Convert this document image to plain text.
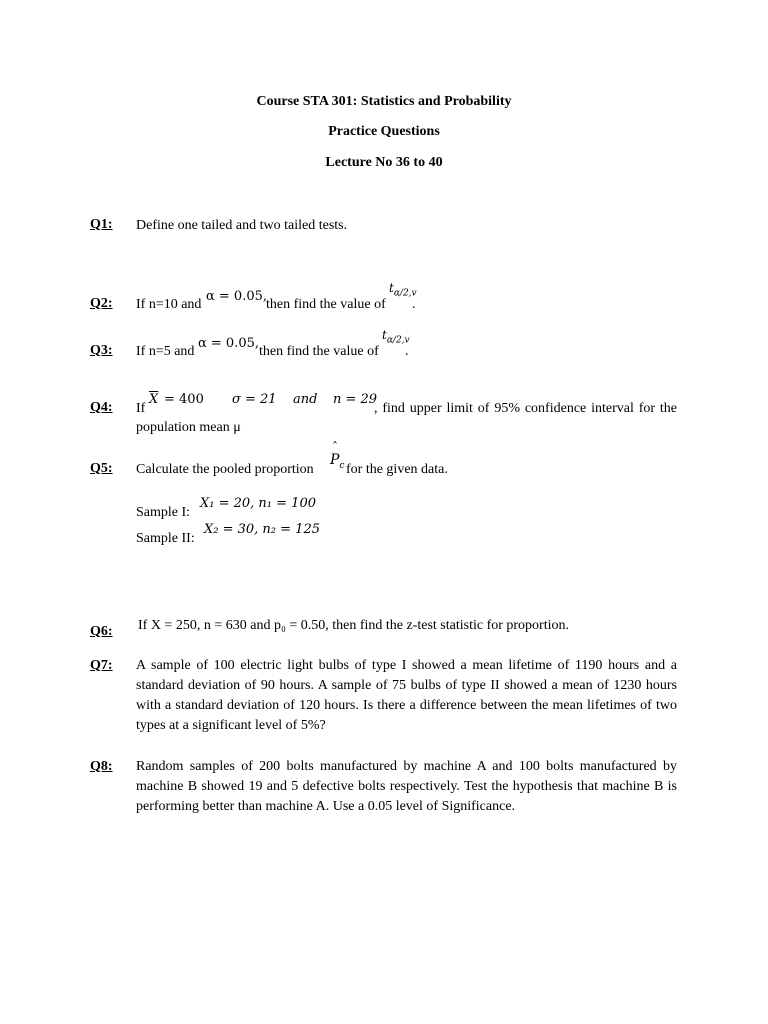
Course STA 301: Statistics and Probability
Practice Questions
Lecture No 36 to 40
Q1: Define one tailed and two tailed tests.
Q2: If n=10 and
α = 0.05,
then find the value of
$t_{\alpha/2,v}$
.
Q3: If n=5 and
α = 0.05,
then find the value of
$t_{\alpha/2,v}$
.
Q4: If
$\overline{X} = 400$ σ = 21 and n = 29
, find upper limit of 95% confidence interval for the
population mean μ
Q5: Calculate the pooled proportion
ˆ
$P_c$ for the given data.
Sample I:
X₁ = 20, n₁ = 100
Sample II:
X₂ = 30, n₂ = 125
Q6: If X = 250, n = 630 and p₀ = 0.50, then find the z-test statistic for proportion.
Q7: A sample of 100 electric light bulbs of type I showed a mean lifetime of 1190 hours and a standard deviation of 90 hours. A sample of 75 bulbs of type II showed a mean of 1230 hours with a standard deviation of 120 hours. Is there a difference between the mean lifetimes of two types at a significant level of 5%?
Q8: Random samples of 200 bolts manufactured by machine A and 100 bolts manufactured by machine B showed 19 and 5 defective bolts respectively. Test the hypothesis that machine B is performing better than machine A. Use a 0.05 level of Significance.
